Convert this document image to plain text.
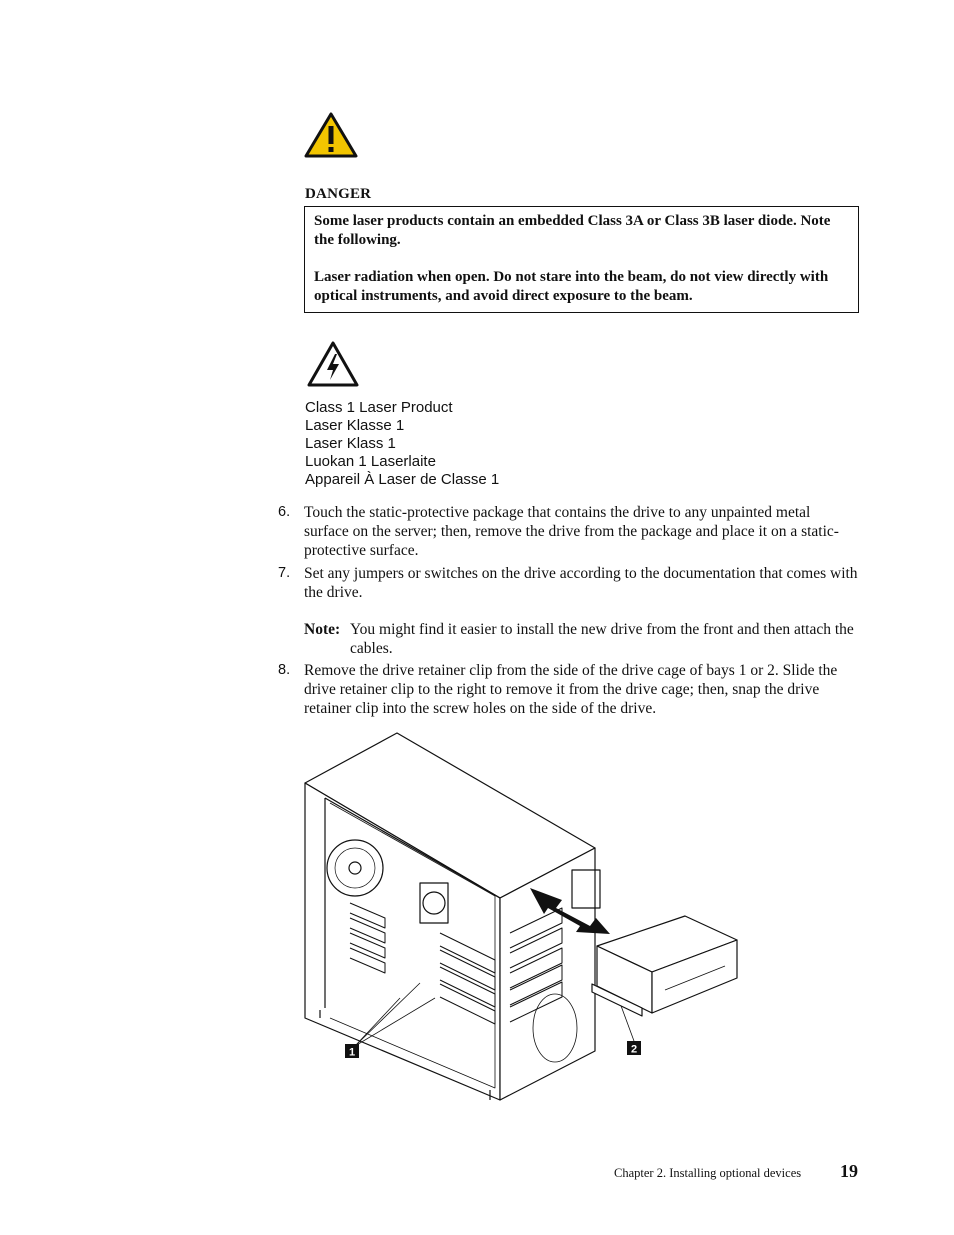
DANGER

Some laser products contain an embedded Class 3A or Class 3B laser diode. Note the following.

Laser radiation when open. Do not stare into the beam, do not view directly with optical instruments, and avoid direct exposure to the beam.

Class 1 Laser Product
Laser Klasse 1
Laser Klass 1
Luokan 1 Laserlaite
Appareil À Laser de Classe 1
6. Touch the static-protective package that contains the drive to any unpainted metal surface on the server; then, remove the drive from the package and place it on a static-protective surface.
7. Set any jumpers or switches on the drive according to the documentation that comes with the drive.
Note: You might find it easier to install the new drive from the front and then attach the cables.
8. Remove the drive retainer clip from the side of the drive cage of bays 1 or 2. Slide the drive retainer clip to the right to remove it from the drive cage; then, snap the drive retainer clip into the screw holes on the side of the drive.
1	2
Chapter 2. Installing optional devices 19
